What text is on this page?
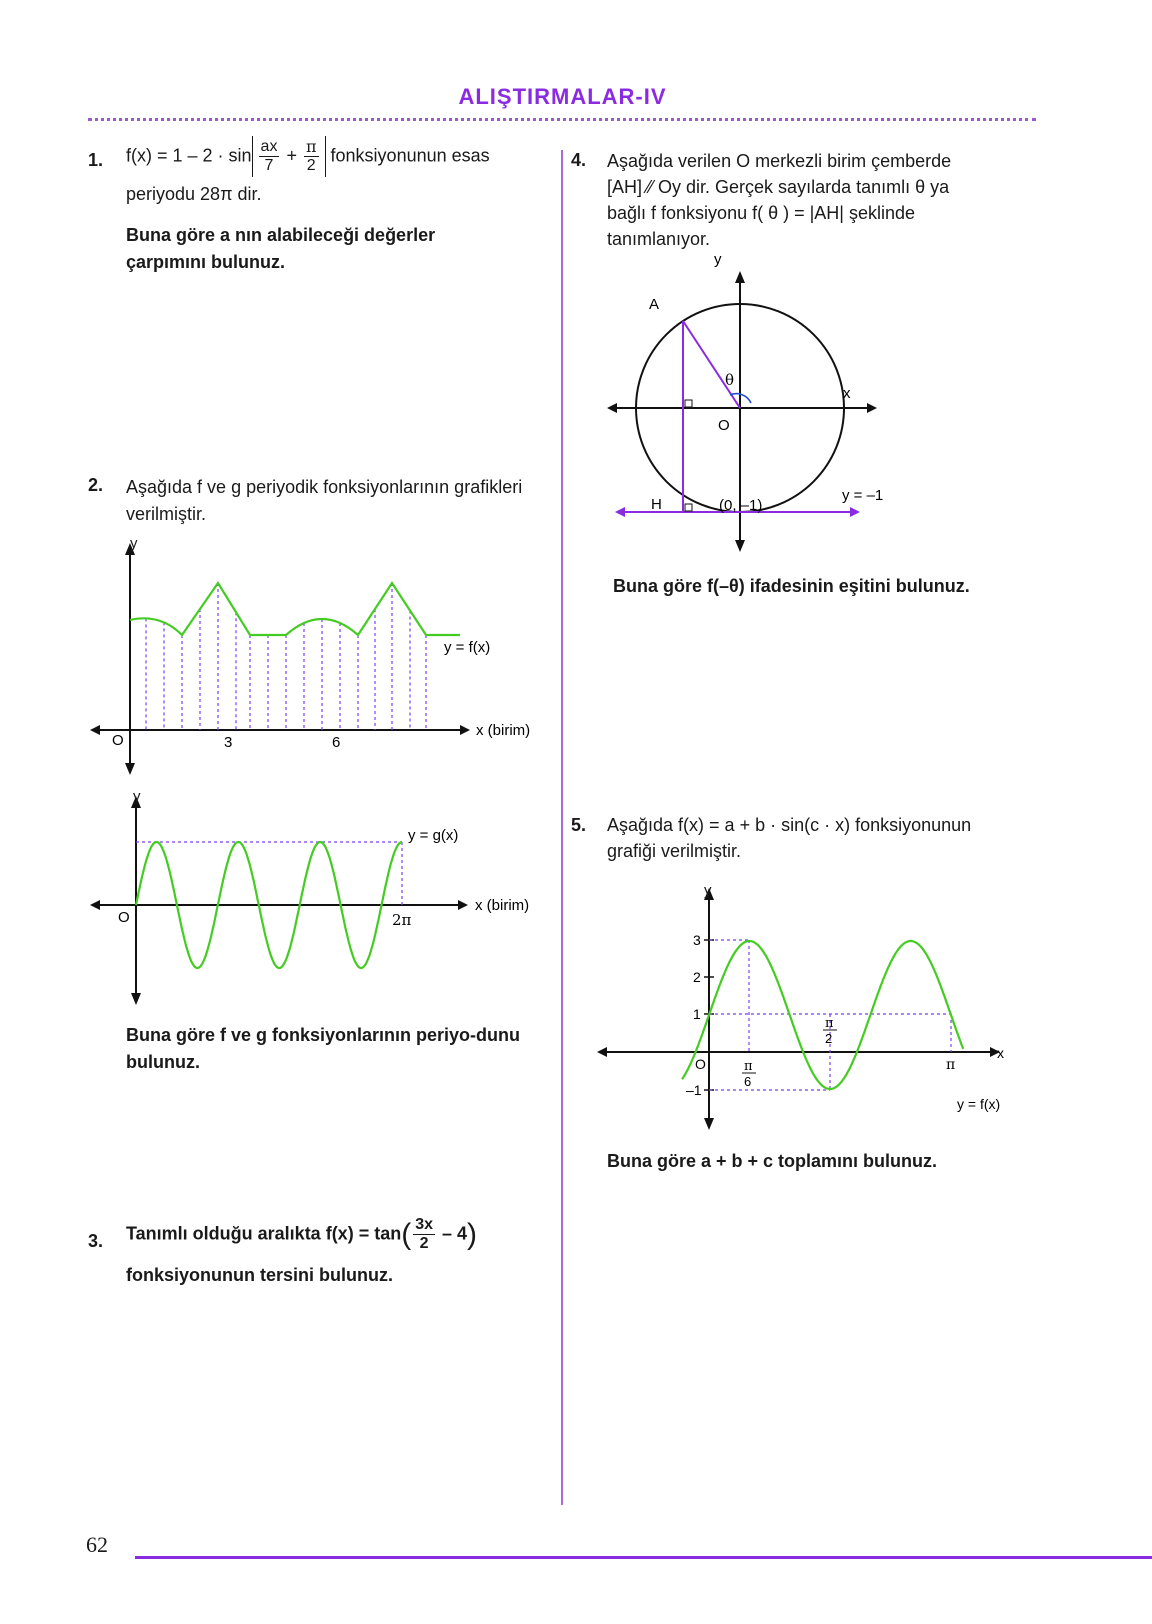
ALIŞTIRMALAR-IV
1. $f(x) = 1 - 2 \cdot \sin \frac{ax}{7} + \frac{\pi}{2}$ fonksiyonunun esas
periyodu 28π dir.
Buna göre a nın alabileceği değerler çarpımını bulunuz.
2. Aşağıda f ve g periyodik fonksiyonlarının grafikleri verilmiştir.
3	6
O
x (birim)
y = f(x)
O	2π
x (birim)
y = g(x)
y
y
Buna göre f ve g fonksiyonlarının periyo-dunu bulunuz.
3. Tanımlı olduğu aralıkta $f(x) = \tan( \frac{3x}{2} - 4)$
fonksiyonunun tersini bulunuz.
4. Aşağıda verilen O merkezli birim çemberde
[AH] ⁄⁄ Oy dir. Gerçek sayılarda tanımlı θ ya
bağlı f fonksiyonu f( θ ) = |AH| şeklinde
tanımlanıyor.
A
H
O
θ
(0, –1)
y = –1
x
y
Buna göre f(–θ) ifadesinin eşitini bulunuz.
5. Aşağıda f(x) = a + b · sin(c · x) fonksiyonunun
grafiği verilmiştir.
3
2
1
–1
O	π
6
π
2
π
x
y = f(x)
y
Buna göre a + b + c toplamını bulunuz.
62
